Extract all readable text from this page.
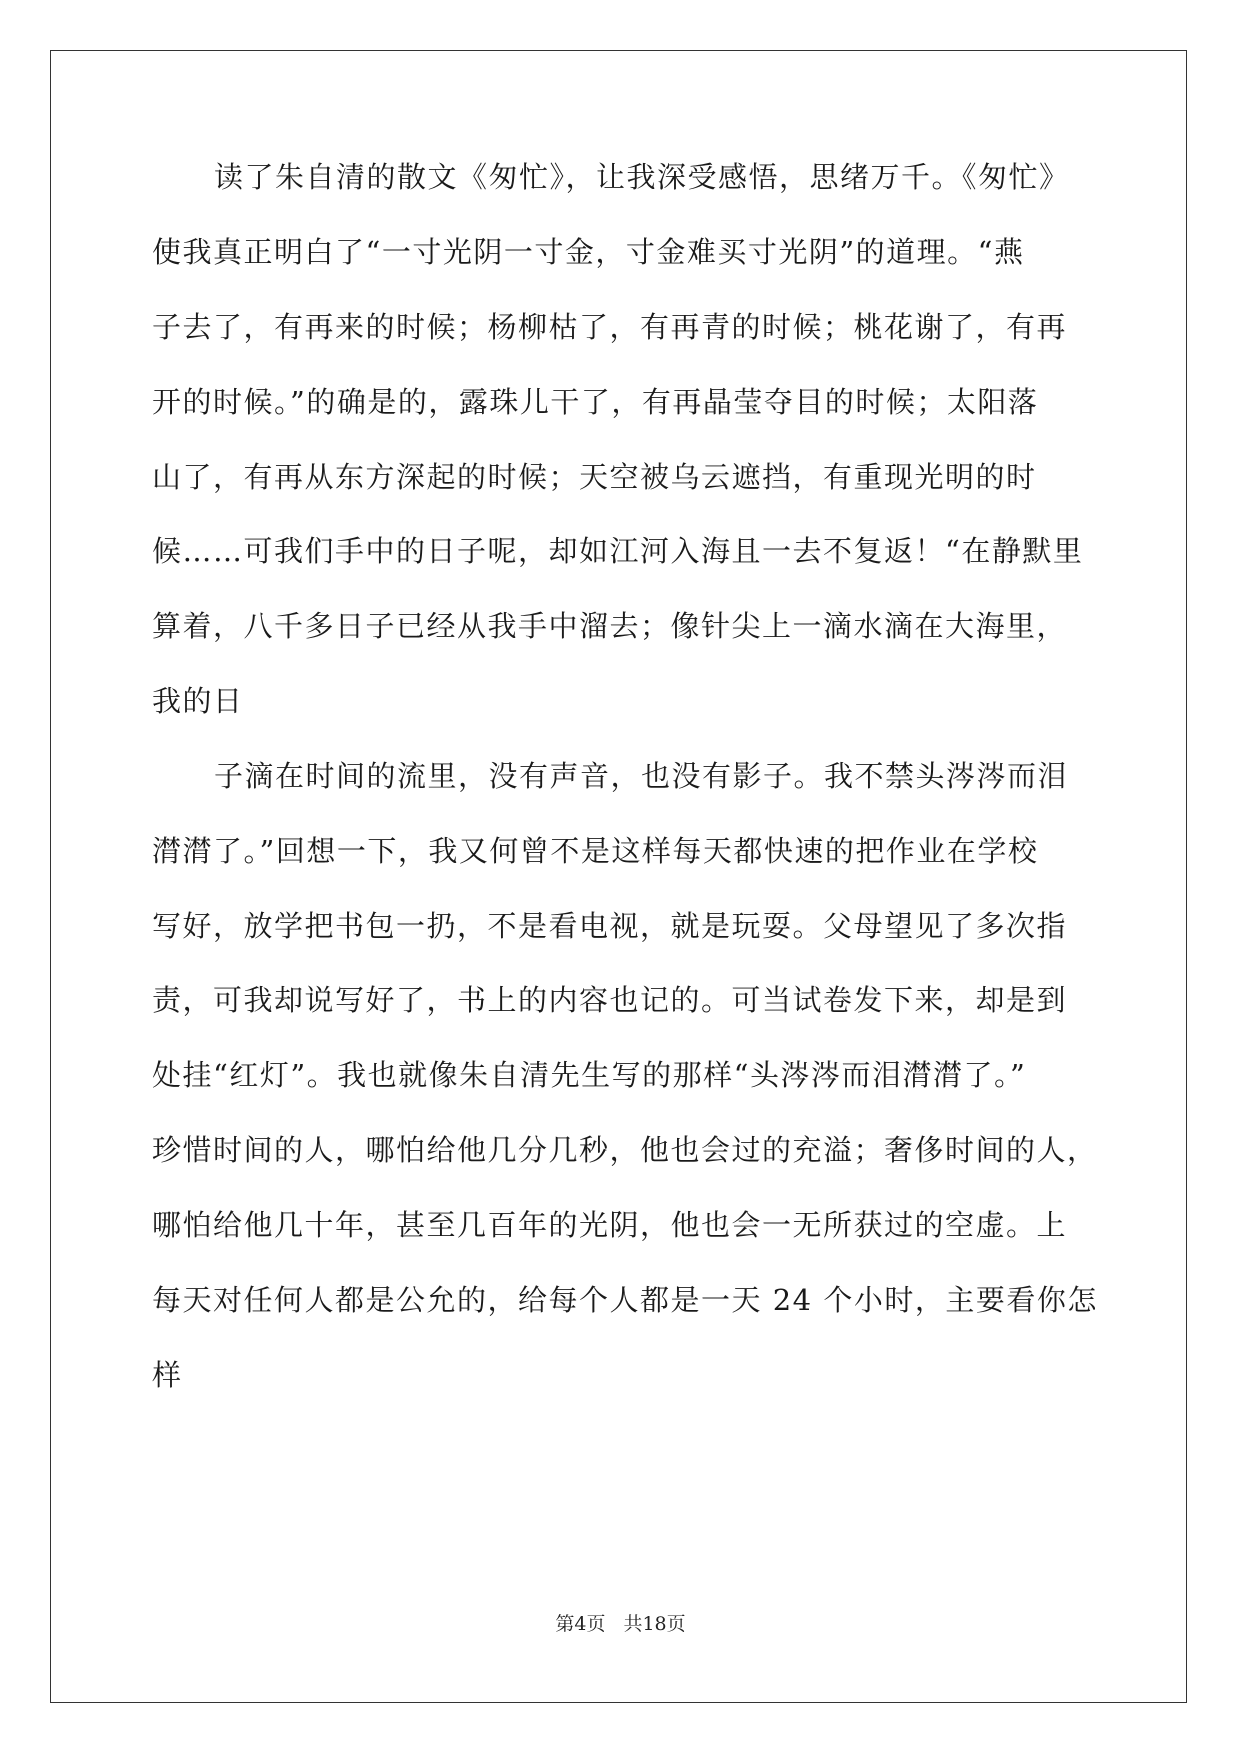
读了朱自清的散文《匆忙》，让我深受感悟，思绪万千。《匆忙》
使我真正明白了“一寸光阴一寸金，寸金难买寸光阴”的道理。“燕
子去了，有再来的时候；杨柳枯了，有再青的时候；桃花谢了，有再
开的时候。”的确是的，露珠儿干了，有再晶莹夺目的时候；太阳落
山了，有再从东方深起的时候；天空被乌云遮挡，有重现光明的时
候……可我们手中的日子呢，却如江河入海且一去不复返！“在静默里
算着，八千多日子已经从我手中溜去；像针尖上一滴水滴在大海里，
我的日
子滴在时间的流里，没有声音，也没有影子。我不禁头涔涔而泪
潸潸了。”回想一下，我又何曾不是这样每天都快速的把作业在学校
写好，放学把书包一扔，不是看电视，就是玩耍。父母望见了多次指
责，可我却说写好了，书上的内容也记的。可当试卷发下来，却是到
处挂“红灯”。我也就像朱自清先生写的那样“头涔涔而泪潸潸了。”
珍惜时间的人，哪怕给他几分几秒，他也会过的充溢；奢侈时间的人，
哪怕给他几十年，甚至几百年的光阴，他也会一无所获过的空虚。上
每天对任何人都是公允的，给每个人都是一天 24 个小时，主要看你怎
样
第4页 共18页
